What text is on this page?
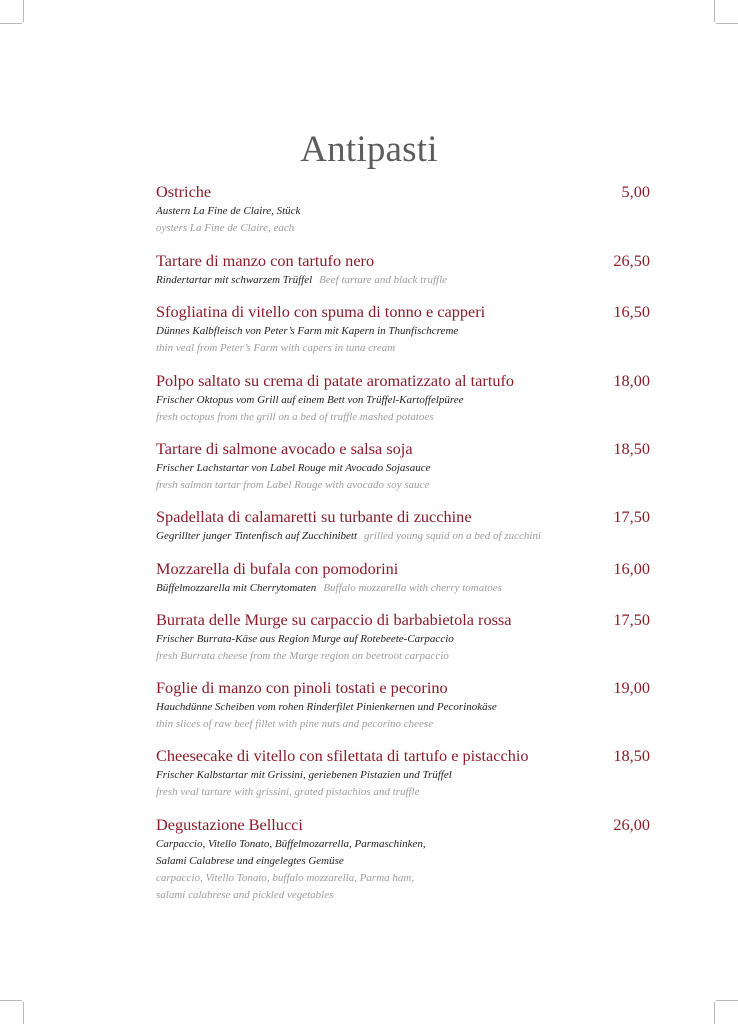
Antipasti
Ostriche	5,00
Austern La Fine de Claire, Stück
oysters La Fine de Claire, each
Tartare di manzo con tartufo nero	26,50
Rindertartar mit schwarzem Trüffel Beef tartare and black truffle
Sfogliatina di vitello con spuma di tonno e capperi	16,50
Dünnes Kalbfleisch von Peter’s Farm mit Kapern in Thunfischcreme
thin veal from Peter’s Farm with capers in tuna cream
Polpo saltato su crema di patate aromatizzato al tartufo	18,00
Frischer Oktopus vom Grill auf einem Bett von Trüffel-Kartoffelpüree
fresh octopus from the grill on a bed of truffle mashed potatoes
Tartare di salmone avocado e salsa soja	18,50
Frischer Lachstartar von Label Rouge mit Avocado Sojasauce
fresh salmon tartar from Label Rouge with avocado soy sauce
Spadellata di calamaretti su turbante di zucchine	17,50
Gegrillter junger Tintenfisch auf Zucchinibett grilled young squid on a bed of zucchini
Mozzarella di bufala con pomodorini	16,00
Büffelmozzarella mit Cherrytomaten Buffalo mozzarella with cherry tomatoes
Burrata delle Murge su carpaccio di barbabietola rossa	17,50
Frischer Burrata-Käse aus Region Murge auf Rotebeete-Carpaccio
fresh Burrata cheese from the Murge region on beetroot carpaccio
Foglie di manzo con pinoli tostati e pecorino	19,00
Hauchdünne Scheiben vom rohen Rinderfilet Pinienkernen und Pecorinokäse
thin slices of raw beef fillet with pine nuts and pecorino cheese
Cheesecake di vitello con sfilettata di tartufo e pistacchio	18,50
Frischer Kalbstartar mit Grissini, geriebenen Pistazien und Trüffel
fresh veal tartare with grissini, grated pistachios and truffle
Degustazione Bellucci	26,00
Carpaccio, Vitello Tonato, Büffelmozarrella, Parmaschinken,
Salami Calabrese und eingelegtes Gemüse
carpaccio, Vitello Tonato, buffalo mozzarella, Parma ham,
salami calabrese and pickled vegetables
